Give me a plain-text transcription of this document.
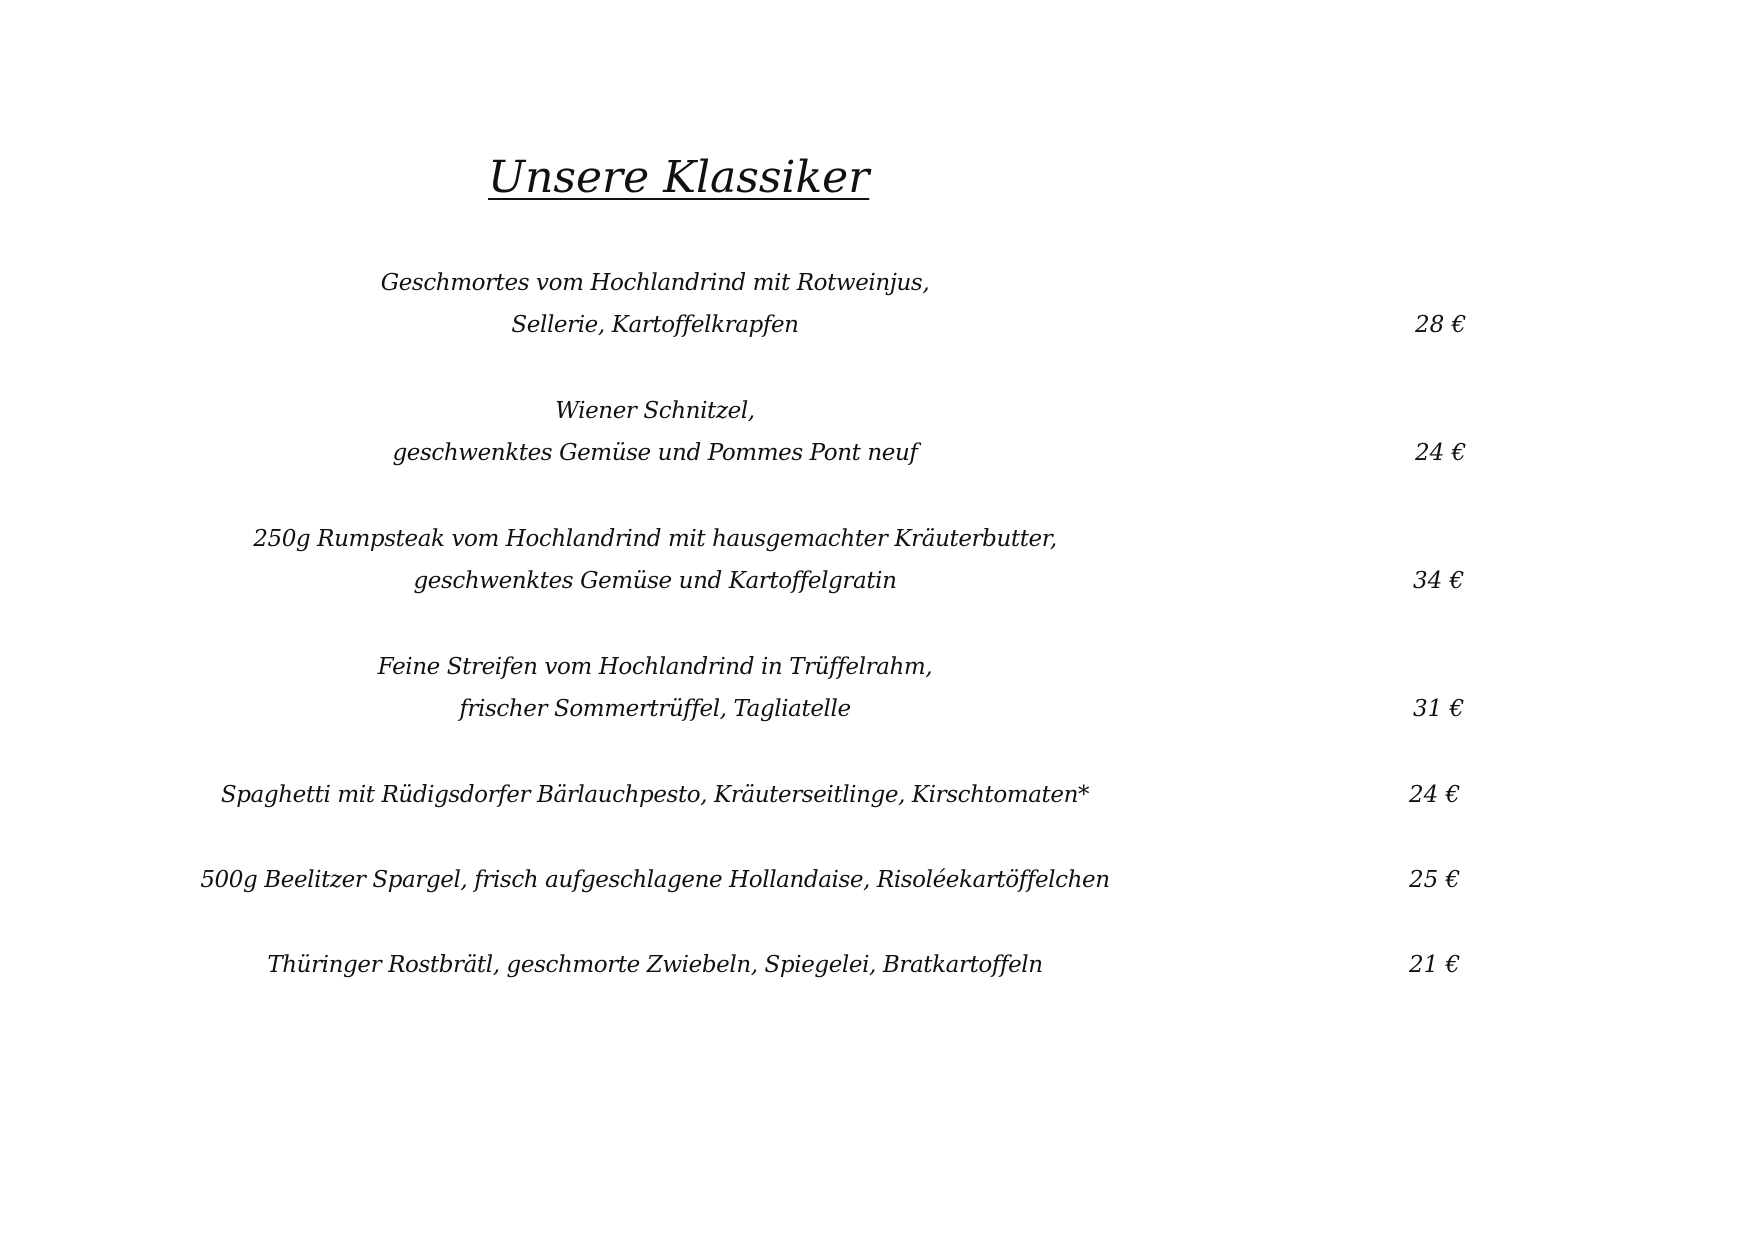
Unsere Klassiker
Geschmortes vom Hochlandrind mit Rotweinjus,
Sellerie, Kartoffelkrapfen	28 €
Wiener Schnitzel,
geschwenktes Gemüse und Pommes Pont neuf	24 €
250g Rumpsteak vom Hochlandrind mit hausgemachter Kräuterbutter,
geschwenktes Gemüse und Kartoffelgratin	34 €
Feine Streifen vom Hochlandrind in Trüffelrahm,
frischer Sommertrüffel, Tagliatelle	31 €
Spaghetti mit Rüdigsdorfer Bärlauchpesto, Kräuterseitlinge, Kirschtomaten*	24 €
500g Beelitzer Spargel, frisch aufgeschlagene Hollandaise, Risoléekartöffelchen	25 €
Thüringer Rostbrätl, geschmorte Zwiebeln, Spiegelei, Bratkartoffeln	21 €
